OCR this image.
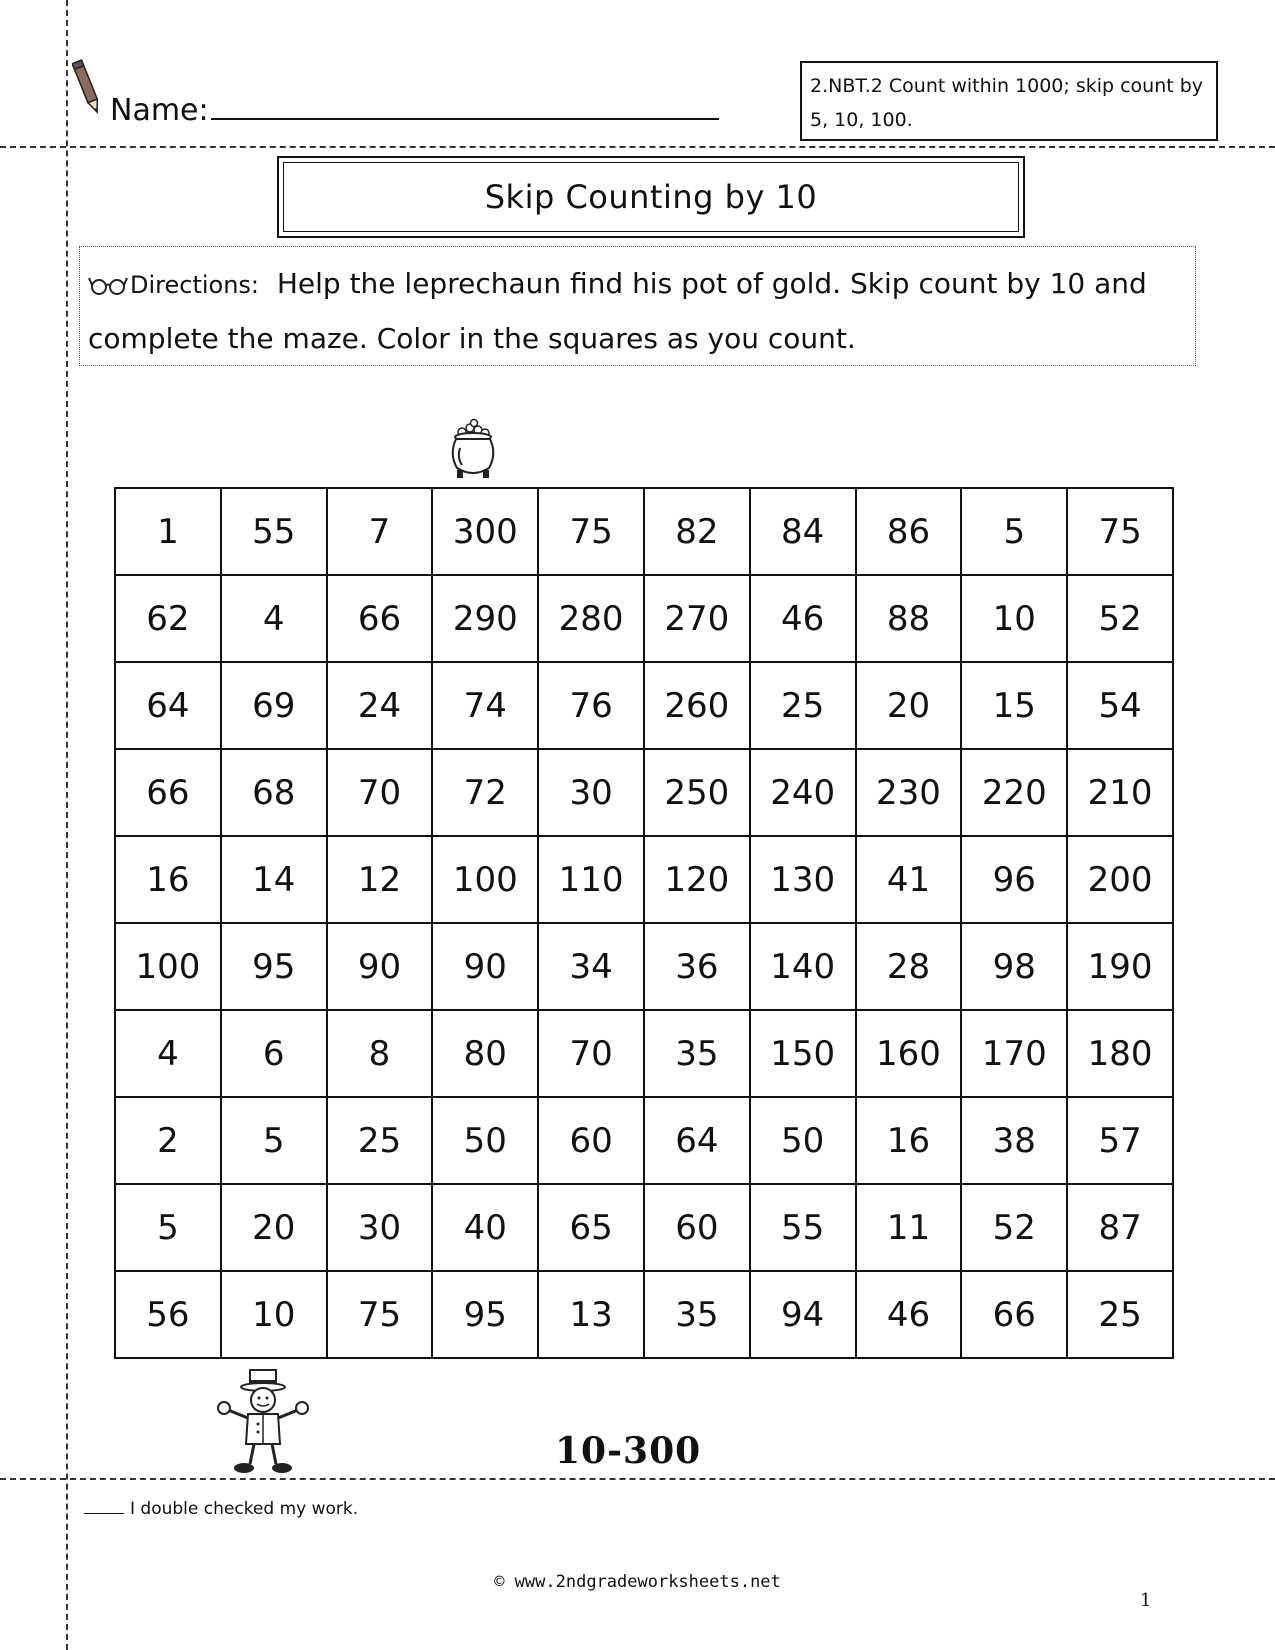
Name:
2.NBT.2 Count within 1000; skip count by 5, 10, 100.
Skip Counting by 10
Directions: Help the leprechaun find his pot of gold. Skip count by 10 and complete the maze. Color in the squares as you count.
1	55	7	300	75	82	84	86	5	75
62	4	66	290	280	270	46	88	10	52
64	69	24	74	76	260	25	20	15	54
66	68	70	72	30	250	240	230	220	210
16	14	12	100	110	120	130	41	96	200
100	95	90	90	34	36	140	28	98	190
4	6	8	80	70	35	150	160	170	180
2	5	25	50	60	64	50	16	38	57
5	20	30	40	65	60	55	11	52	87
56	10	75	95	13	35	94	46	66	25
10-300
I double checked my work.
© www.2ndgradeworksheets.net
1
